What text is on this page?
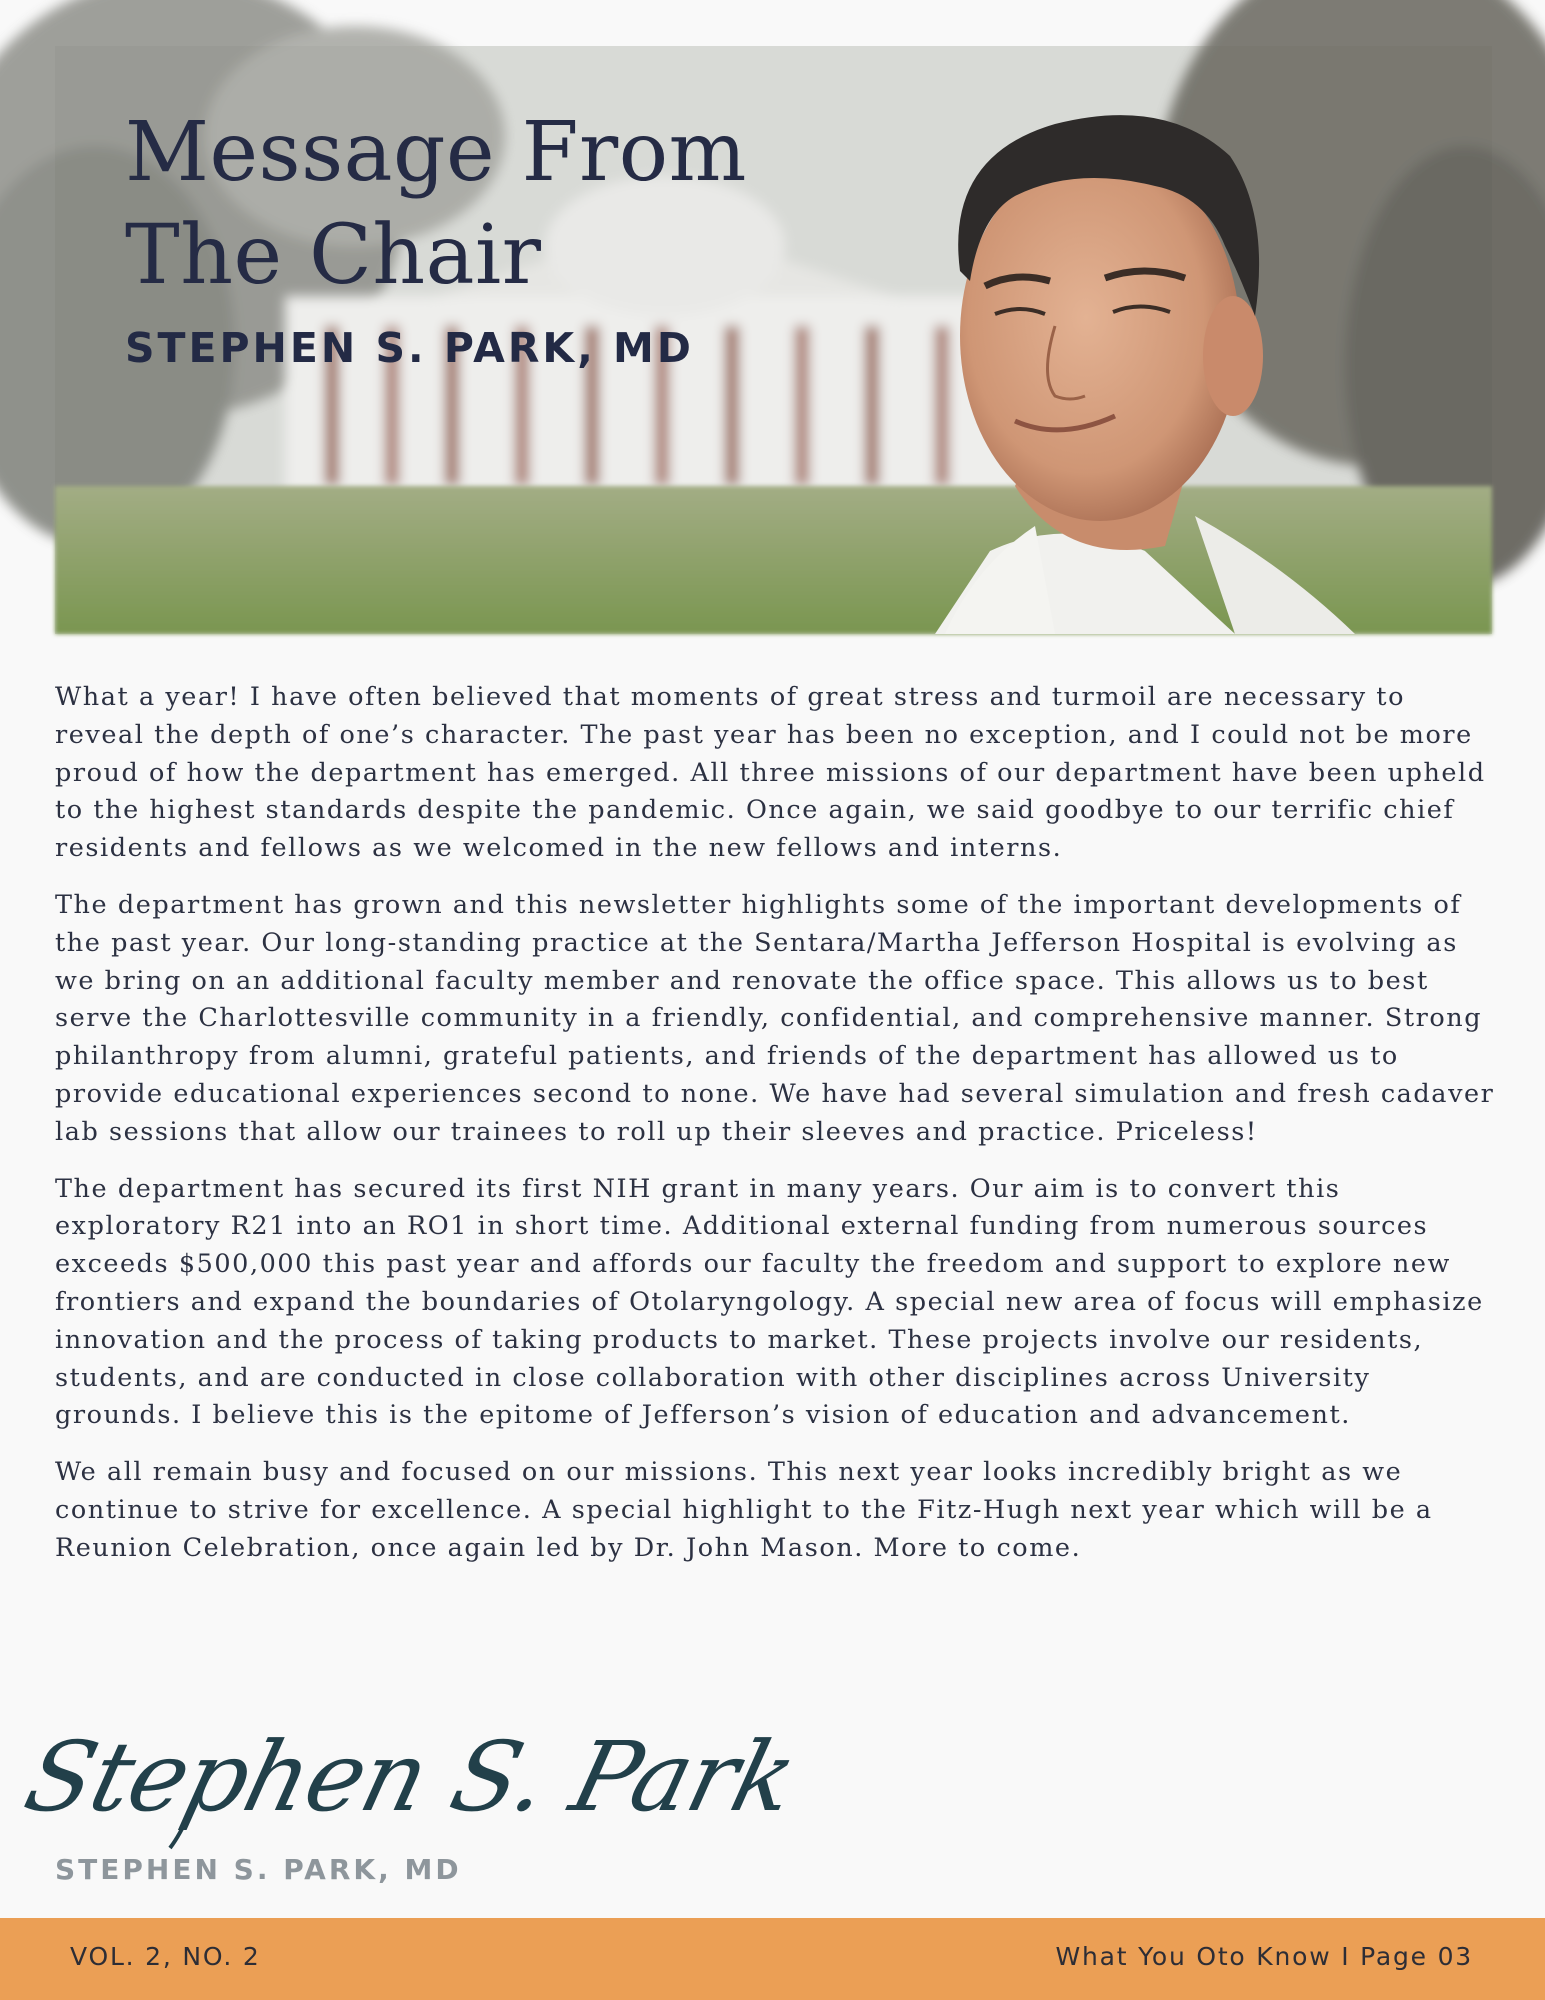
Message From
The Chair
STEPHEN S. PARK, MD

What a year! I have often believed that moments of great stress and turmoil are necessary to reveal the depth of one’s character. The past year has been no exception, and I could not be more proud of how the department has emerged. All three missions of our department have been upheld to the highest standards despite the pandemic. Once again, we said goodbye to our terrific chief residents and fellows as we welcomed in the new fellows and interns.

The department has grown and this newsletter highlights some of the important developments of the past year. Our long-standing practice at the Sentara/Martha Jefferson Hospital is evolving as we bring on an additional faculty member and renovate the office space. This allows us to best serve the Charlottesville community in a friendly, confidential, and comprehensive manner. Strong philanthropy from alumni, grateful patients, and friends of the department has allowed us to provide educational experiences second to none. We have had several simulation and fresh cadaver lab sessions that allow our trainees to roll up their sleeves and practice. Priceless!

The department has secured its first NIH grant in many years. Our aim is to convert this exploratory R21 into an RO1 in short time. Additional external funding from numerous sources exceeds $500,000 this past year and affords our faculty the freedom and support to explore new frontiers and expand the boundaries of Otolaryngology. A special new area of focus will emphasize innovation and the process of taking products to market. These projects involve our residents, students, and are conducted in close collaboration with other disciplines across University grounds. I believe this is the epitome of Jefferson’s vision of education and advancement.

We all remain busy and focused on our missions. This next year looks incredibly bright as we continue to strive for excellence. A special highlight to the Fitz-Hugh next year which will be a Reunion Celebration, once again led by Dr. John Mason. More to come.

Stephen S. Park

STEPHEN S. PARK, MD

VOL. 2, NO. 2	What You Oto Know I Page 03
